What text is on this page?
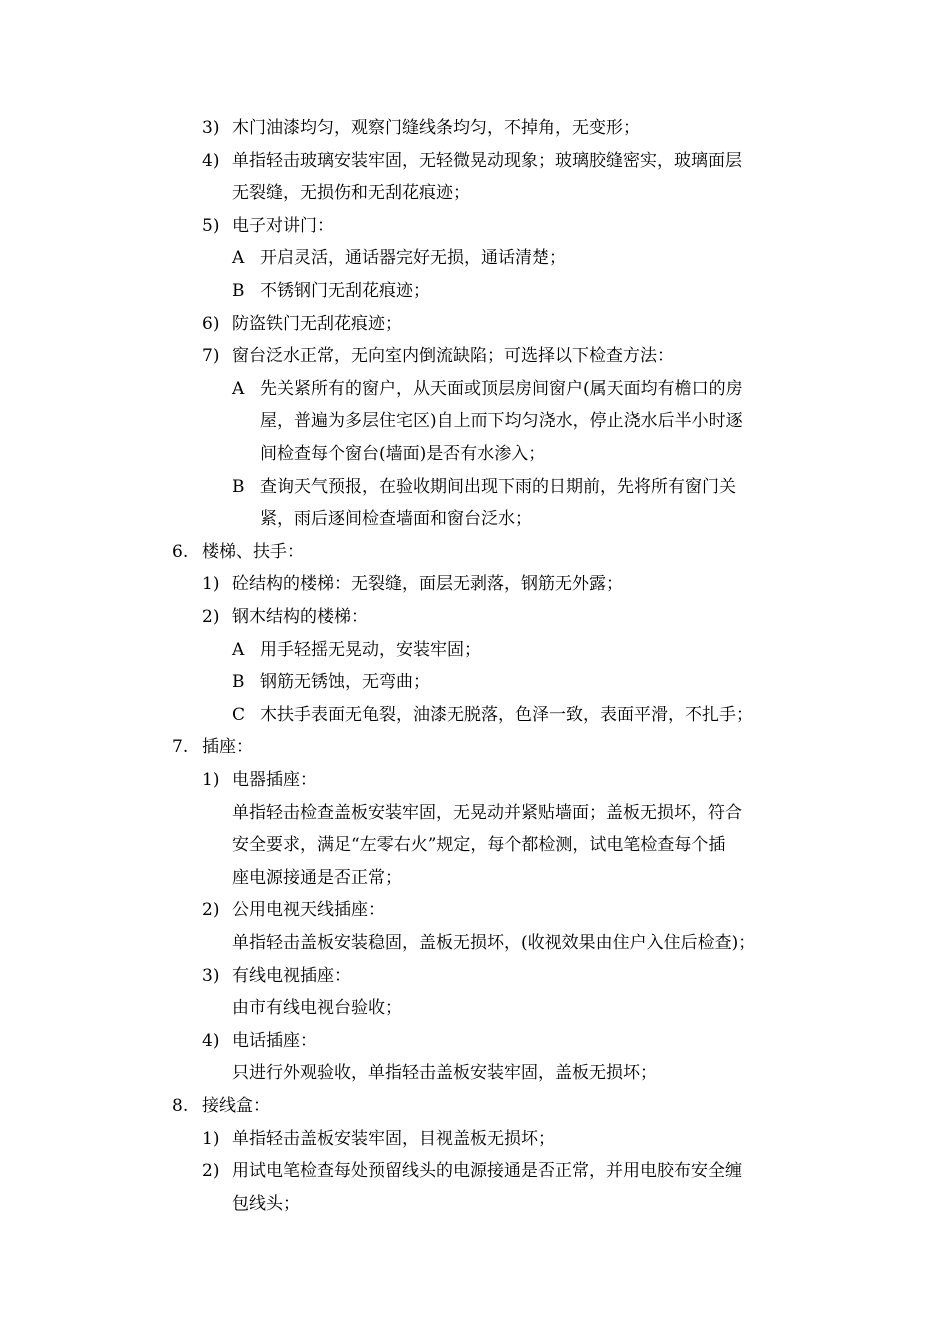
3) 木门油漆均匀，观察门缝线条均匀，不掉角，无变形；
4) 单指轻击玻璃安装牢固，无轻微晃动现象；玻璃胶缝密实，玻璃面层
无裂缝，无损伤和无刮花痕迹；
5) 电子对讲门：
A 开启灵活，通话器完好无损，通话清楚；
B 不锈钢门无刮花痕迹；
6) 防盗铁门无刮花痕迹；
7) 窗台泛水正常，无向室内倒流缺陷；可选择以下检查方法：
A 先关紧所有的窗户，从天面或顶层房间窗户(属天面均有檐口的房
屋，普遍为多层住宅区)自上而下均匀浇水，停止浇水后半小时逐
间检查每个窗台(墙面)是否有水渗入；
B 查询天气预报，在验收期间出现下雨的日期前，先将所有窗门关
紧，雨后逐间检查墙面和窗台泛水；
6. 楼梯、扶手：
1) 砼结构的楼梯：无裂缝，面层无剥落，钢筋无外露；
2) 钢木结构的楼梯：
A 用手轻摇无晃动，安装牢固；
B 钢筋无锈蚀，无弯曲；
C 木扶手表面无龟裂，油漆无脱落，色泽一致，表面平滑，不扎手；
7. 插座：
1) 电器插座：
单指轻击检查盖板安装牢固，无晃动并紧贴墙面；盖板无损坏，符合
安全要求，满足“左零右火”规定，每个都检测，试电笔检查每个插
座电源接通是否正常；
2) 公用电视天线插座：
单指轻击盖板安装稳固，盖板无损坏，(收视效果由住户入住后检查)；
3) 有线电视插座：
由市有线电视台验收；
4) 电话插座：
只进行外观验收，单指轻击盖板安装牢固，盖板无损坏；
8. 接线盒：
1) 单指轻击盖板安装牢固，目视盖板无损坏；
2) 用试电笔检查每处预留线头的电源接通是否正常，并用电胶布安全缠
包线头；
